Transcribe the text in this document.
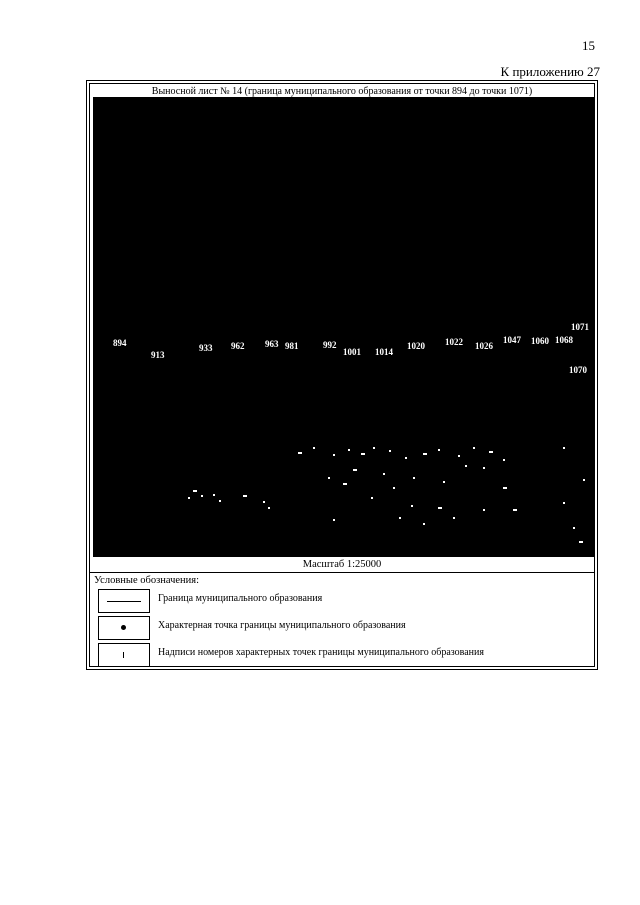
15
К приложению 27
Выносной лист № 14 (граница муниципального образования от точки 894 до точки 1071)
894
913
933 962 963 981	992
1001 1014
1020 1022 1026
1047 1060 1068
1070
1071
Масштаб 1:25000
Условные обозначения:
Граница муниципального образования
Характерная точка границы муниципального образования
Надписи номеров характерных точек границы муниципального образования
